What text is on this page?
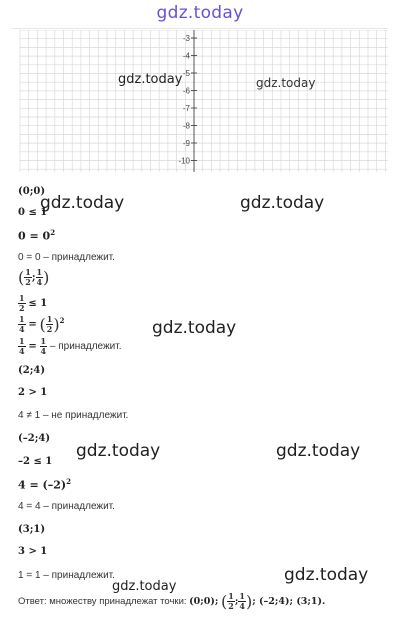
gdz.today
-3
-4
-5
-6
-7
-8
-9
-10
gdz.today	gdz.today
(0;0)
0 ≤ 1
$0 = 0^2$
0 = 0 – принадлежит.
( $\frac{1}{2}$ ; $\frac{1}{4}$ )
$\frac{1}{2} \le 1$
$\frac{1}{4}$ = ( $\frac{1}{2} )^2$
$\frac{1}{4} = \frac{1}{4}$ – принадлежит.
(2;4)
2 > 1
4 ≠ 1 – не принадлежит.
(–2;4)
–2 ≤ 1
$4 = (-2)^2$
4 = 4 – принадлежит.
(3;1)
3 > 1
1 = 1 – принадлежит.
Ответ: множеству принадлежат точки: (0;0); ( $\frac{1}{2}$ ; $\frac{1}{4}$ ); (–2;4); (3;1).
gdz.today	gdz.today
gdz.today
gdz.today	gdz.today
gdz.today
gdz.today
